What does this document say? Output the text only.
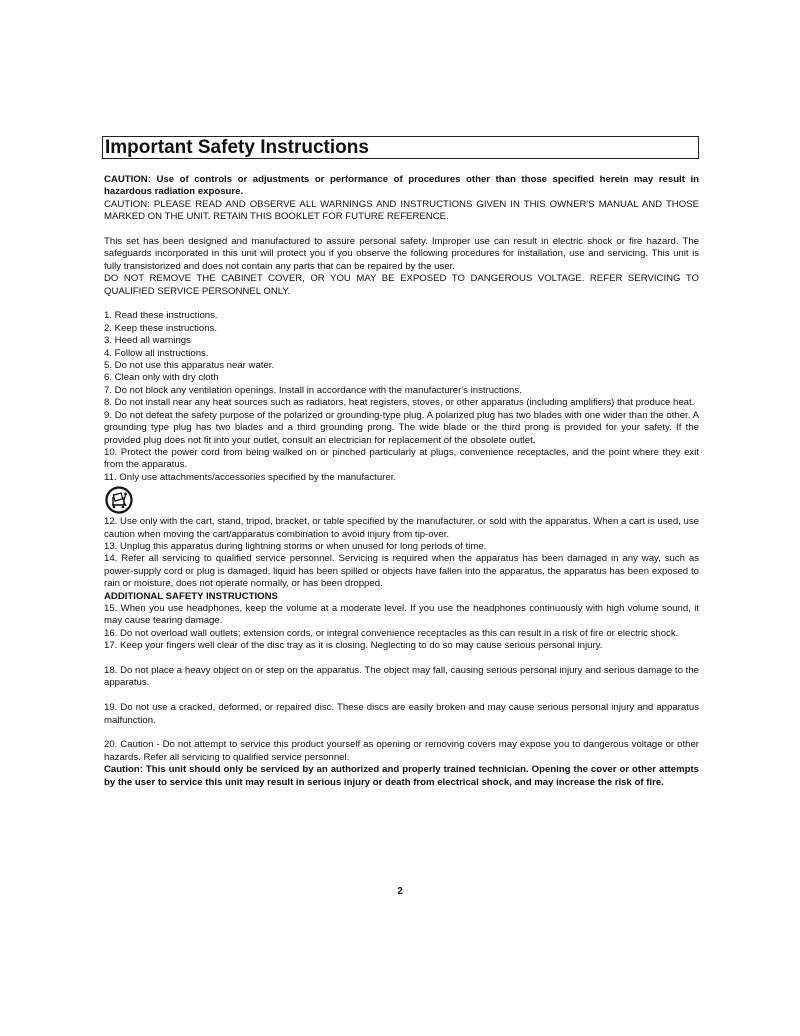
Important Safety Instructions

CAUTION: Use of controls or adjustments or performance of procedures other than those specified herein may result in hazardous radiation exposure.

CAUTION: PLEASE READ AND OBSERVE ALL WARNINGS AND INSTRUCTIONS GIVEN IN THIS OWNER'S MANUAL AND THOSE MARKED ON THE UNIT. RETAIN THIS BOOKLET FOR FUTURE REFERENCE.

This set has been designed and manufactured to assure personal safety. Improper use can result in electric shock or fire hazard. The safeguards incorporated in this unit will protect you if you observe the following procedures for installation, use and servicing. This unit is fully transistorized and does not contain any parts that can be repaired by the user.

DO NOT REMOVE THE CABINET COVER, OR YOU MAY BE EXPOSED TO DANGEROUS VOLTAGE. REFER SERVICING TO QUALIFIED SERVICE PERSONNEL ONLY.

1. Read these instructions.

2. Keep these instructions.

3. Heed all warnings

4. Follow all instructions.

5. Do not use this apparatus near water.

6. Clean only with dry cloth

7. Do not block any ventilation openings. Install in accordance with the manufacturer's instructions.

8. Do not install near any heat sources such as radiators, heat registers, stoves, or other apparatus (including amplifiers) that produce heat.

9. Do not defeat the safety purpose of the polarized or grounding-type plug. A polarized plug has two blades with one wider than the other. A grounding type plug has two blades and a third grounding prong. The wide blade or the third prong is provided for your safety. If the provided plug does not fit into your outlet, consult an electrician for replacement of the obsolete outlet.

10. Protect the power cord from being walked on or pinched particularly at plugs, convenience receptacles, and the point where they exit from the apparatus.

11. Only use attachments/accessories specified by the manufacturer.

12. Use only with the cart, stand, tripod, bracket, or table specified by the manufacturer, or sold with the apparatus. When a cart is used, use caution when moving the cart/apparatus combination to avoid injury from tip-over.

13. Unplug this apparatus during lightning storms or when unused for long periods of time.

14. Refer all servicing to qualified service personnel. Servicing is required when the apparatus has been damaged in any way, such as power-supply cord or plug is damaged, liquid has been spilled or objects have fallen into the apparatus, the apparatus has been exposed to rain or moisture, does not operate normally, or has been dropped.

ADDITIONAL SAFETY INSTRUCTIONS

15. When you use headphones, keep the volume at a moderate level. If you use the headphones continuously with high volume sound, it may cause tearing damage.

16. Do not overload wall outlets; extension cords, or integral convenience receptacles as this can result in a risk of fire or electric shock.

17. Keep your fingers well clear of the disc tray as it is closing. Neglecting to do so may cause serious personal injury.

18. Do not place a heavy object on or step on the apparatus. The object may fall, causing serious personal injury and serious damage to the apparatus.

19. Do not use a cracked, deformed, or repaired disc. These discs are easily broken and may cause serious personal injury and apparatus malfunction.

20. Caution - Do not attempt to service this product yourself as opening or removing covers may expose you to dangerous voltage or other hazards. Refer all servicing to qualified service personnel.

Caution: This unit should only be serviced by an authorized and properly trained technician. Opening the cover or other attempts by the user to service this unit may result in serious injury or death from electrical shock, and may increase the risk of fire.

2
